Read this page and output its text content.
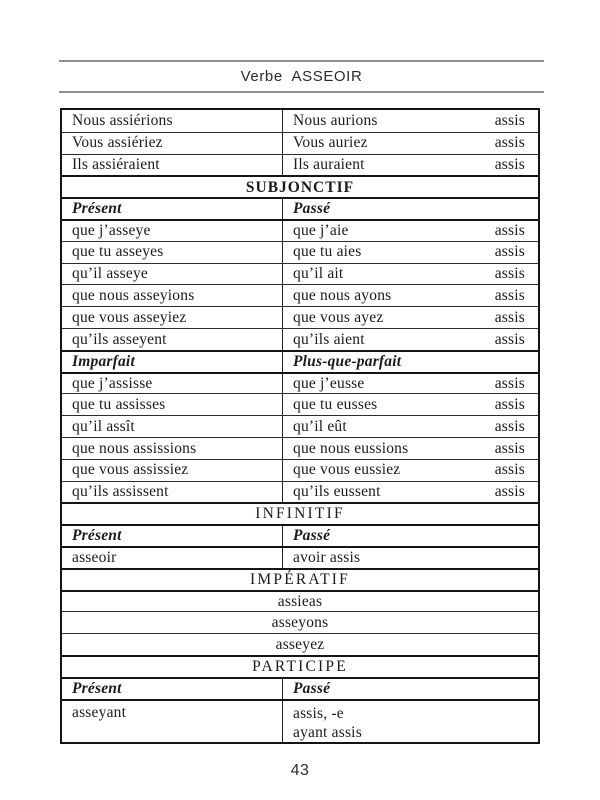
Verbe  ASSEOIR
Nous assiérions	Nous aurions	assis
Vous assiériez	Vous auriez	assis
Ils assiéraient	Ils auraient	assis
SUBJONCTIF
Présent	Passé
que j’asseye	que j’aie	assis
que tu asseyes	que tu aies	assis
qu’il asseye	qu’il ait	assis
que nous asseyions	que nous ayons	assis
que vous asseyiez	que vous ayez	assis
qu’ils asseyent	qu’ils aient	assis
Imparfait	Plus-que-parfait
que j’assisse	que j’eusse	assis
que tu assisses	que tu eusses	assis
qu’il assît	qu’il eût	assis
que nous assissions	que nous eussions	assis
que vous assissiez	que vous eussiez	assis
qu’ils assissent	qu’ils eussent	assis
INFINITIF
Présent	Passé
asseoir	avoir assis
IMPÉRATIF
assieas
asseyons
asseyez
PARTICIPE
Présent	Passé
asseyant	assis, -e
ayant assis
43
